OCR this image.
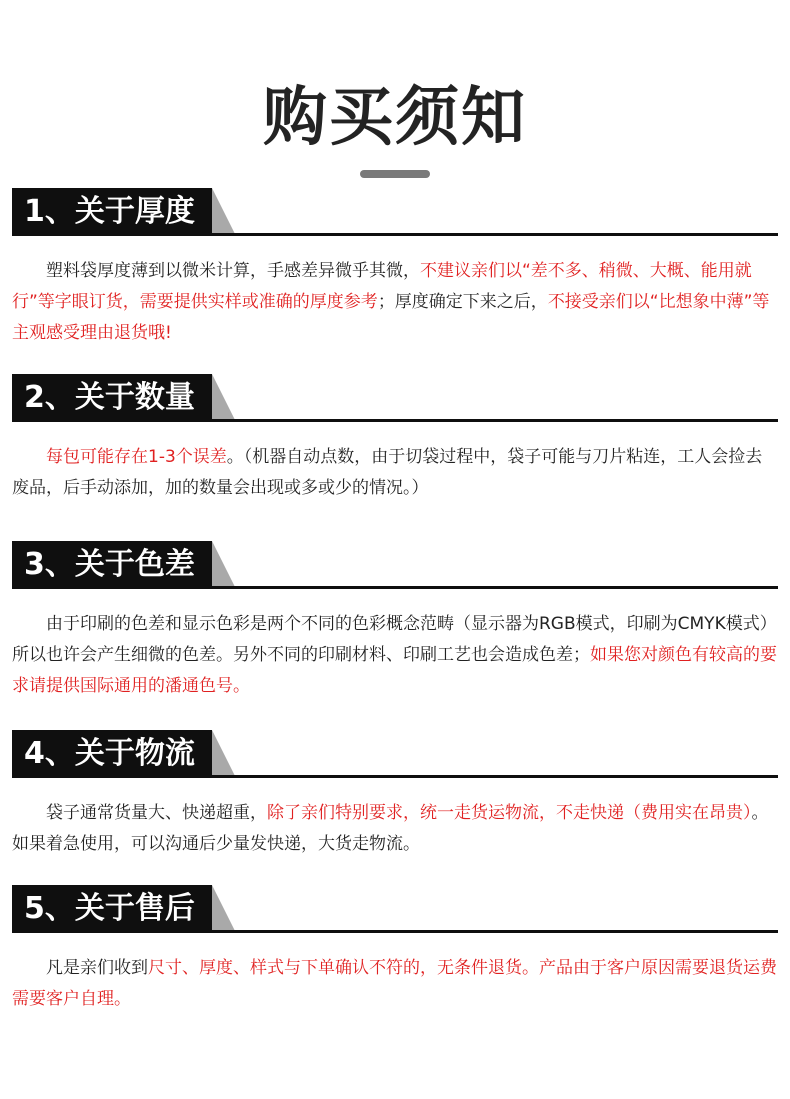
购买须知
1、关于厚度
塑料袋厚度薄到以微米计算，手感差异微乎其微，不建议亲们以“差不多、稍微、大概、能用就行”等字眼订货，需要提供实样或准确的厚度参考；厚度确定下来之后，不接受亲们以“比想象中薄”等主观感受理由退货哦!
2、关于数量
每包可能存在1-3个误差。（机器自动点数，由于切袋过程中，袋子可能与刀片粘连，工人会捡去废品，后手动添加，加的数量会出现或多或少的情况。）
3、关于色差
由于印刷的色差和显示色彩是两个不同的色彩概念范畴（显示器为RGB模式，印刷为CMYK模式）所以也许会产生细微的色差。另外不同的印刷材料、印刷工艺也会造成色差；如果您对颜色有较高的要求请提供国际通用的潘通色号。
4、关于物流
袋子通常货量大、快递超重，除了亲们特别要求，统一走货运物流，不走快递（费用实在昂贵）。如果着急使用，可以沟通后少量发快递，大货走物流。
5、关于售后
凡是亲们收到尺寸、厚度、样式与下单确认不符的，无条件退货。产品由于客户原因需要退货运费需要客户自理。
